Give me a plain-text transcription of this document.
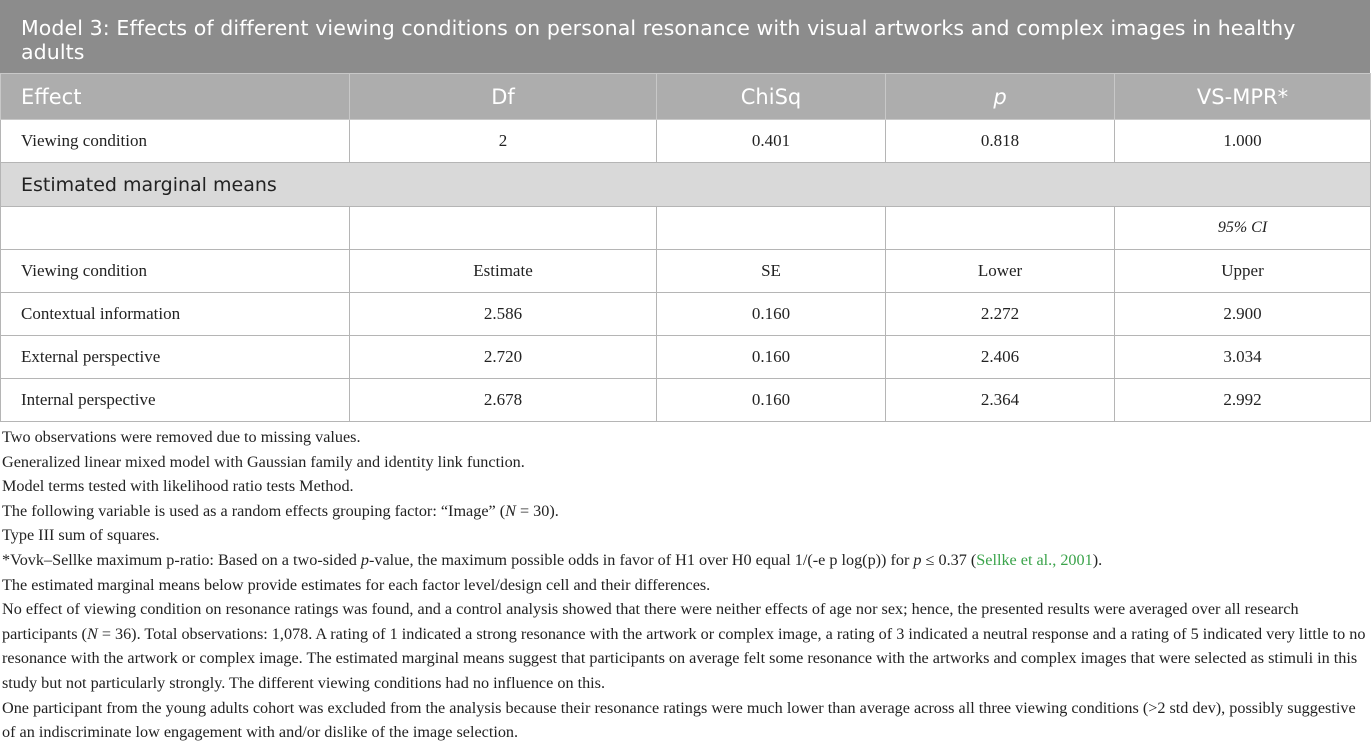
Model 3: Effects of different viewing conditions on personal resonance with visual artworks and complex images in healthy adults
Effect	Df	ChiSq	p	VS-MPR*
Viewing condition	2	0.401	0.818	1.000
Estimated marginal means				
				95% CI
Viewing condition	Estimate	SE	Lower	Upper
Contextual information	2.586	0.160	2.272	2.900
External perspective	2.720	0.160	2.406	3.034
Internal perspective	2.678	0.160	2.364	2.992

Two observations were removed due to missing values.

Generalized linear mixed model with Gaussian family and identity link function.

Model terms tested with likelihood ratio tests Method.

The following variable is used as a random effects grouping factor: “Image” (N = 30).

Type III sum of squares.

*Vovk–Sellke maximum p-ratio: Based on a two-sided p-value, the maximum possible odds in favor of H1 over H0 equal 1/(-e p log(p)) for p ≤ 0.37 (Sellke et al., 2001).

The estimated marginal means below provide estimates for each factor level/design cell and their differences.

No effect of viewing condition on resonance ratings was found, and a control analysis showed that there were neither effects of age nor sex; hence, the presented results were averaged over all research participants (N = 36). Total observations: 1,078. A rating of 1 indicated a strong resonance with the artwork or complex image, a rating of 3 indicated a neutral response and a rating of 5 indicated very little to no resonance with the artwork or complex image. The estimated marginal means suggest that participants on average felt some resonance with the artworks and complex images that were selected as stimuli in this study but not particularly strongly. The different viewing conditions had no influence on this.

One participant from the young adults cohort was excluded from the analysis because their resonance ratings were much lower than average across all three viewing conditions (>2 std dev), possibly suggestive of an indiscriminate low engagement with and/or dislike of the image selection.
